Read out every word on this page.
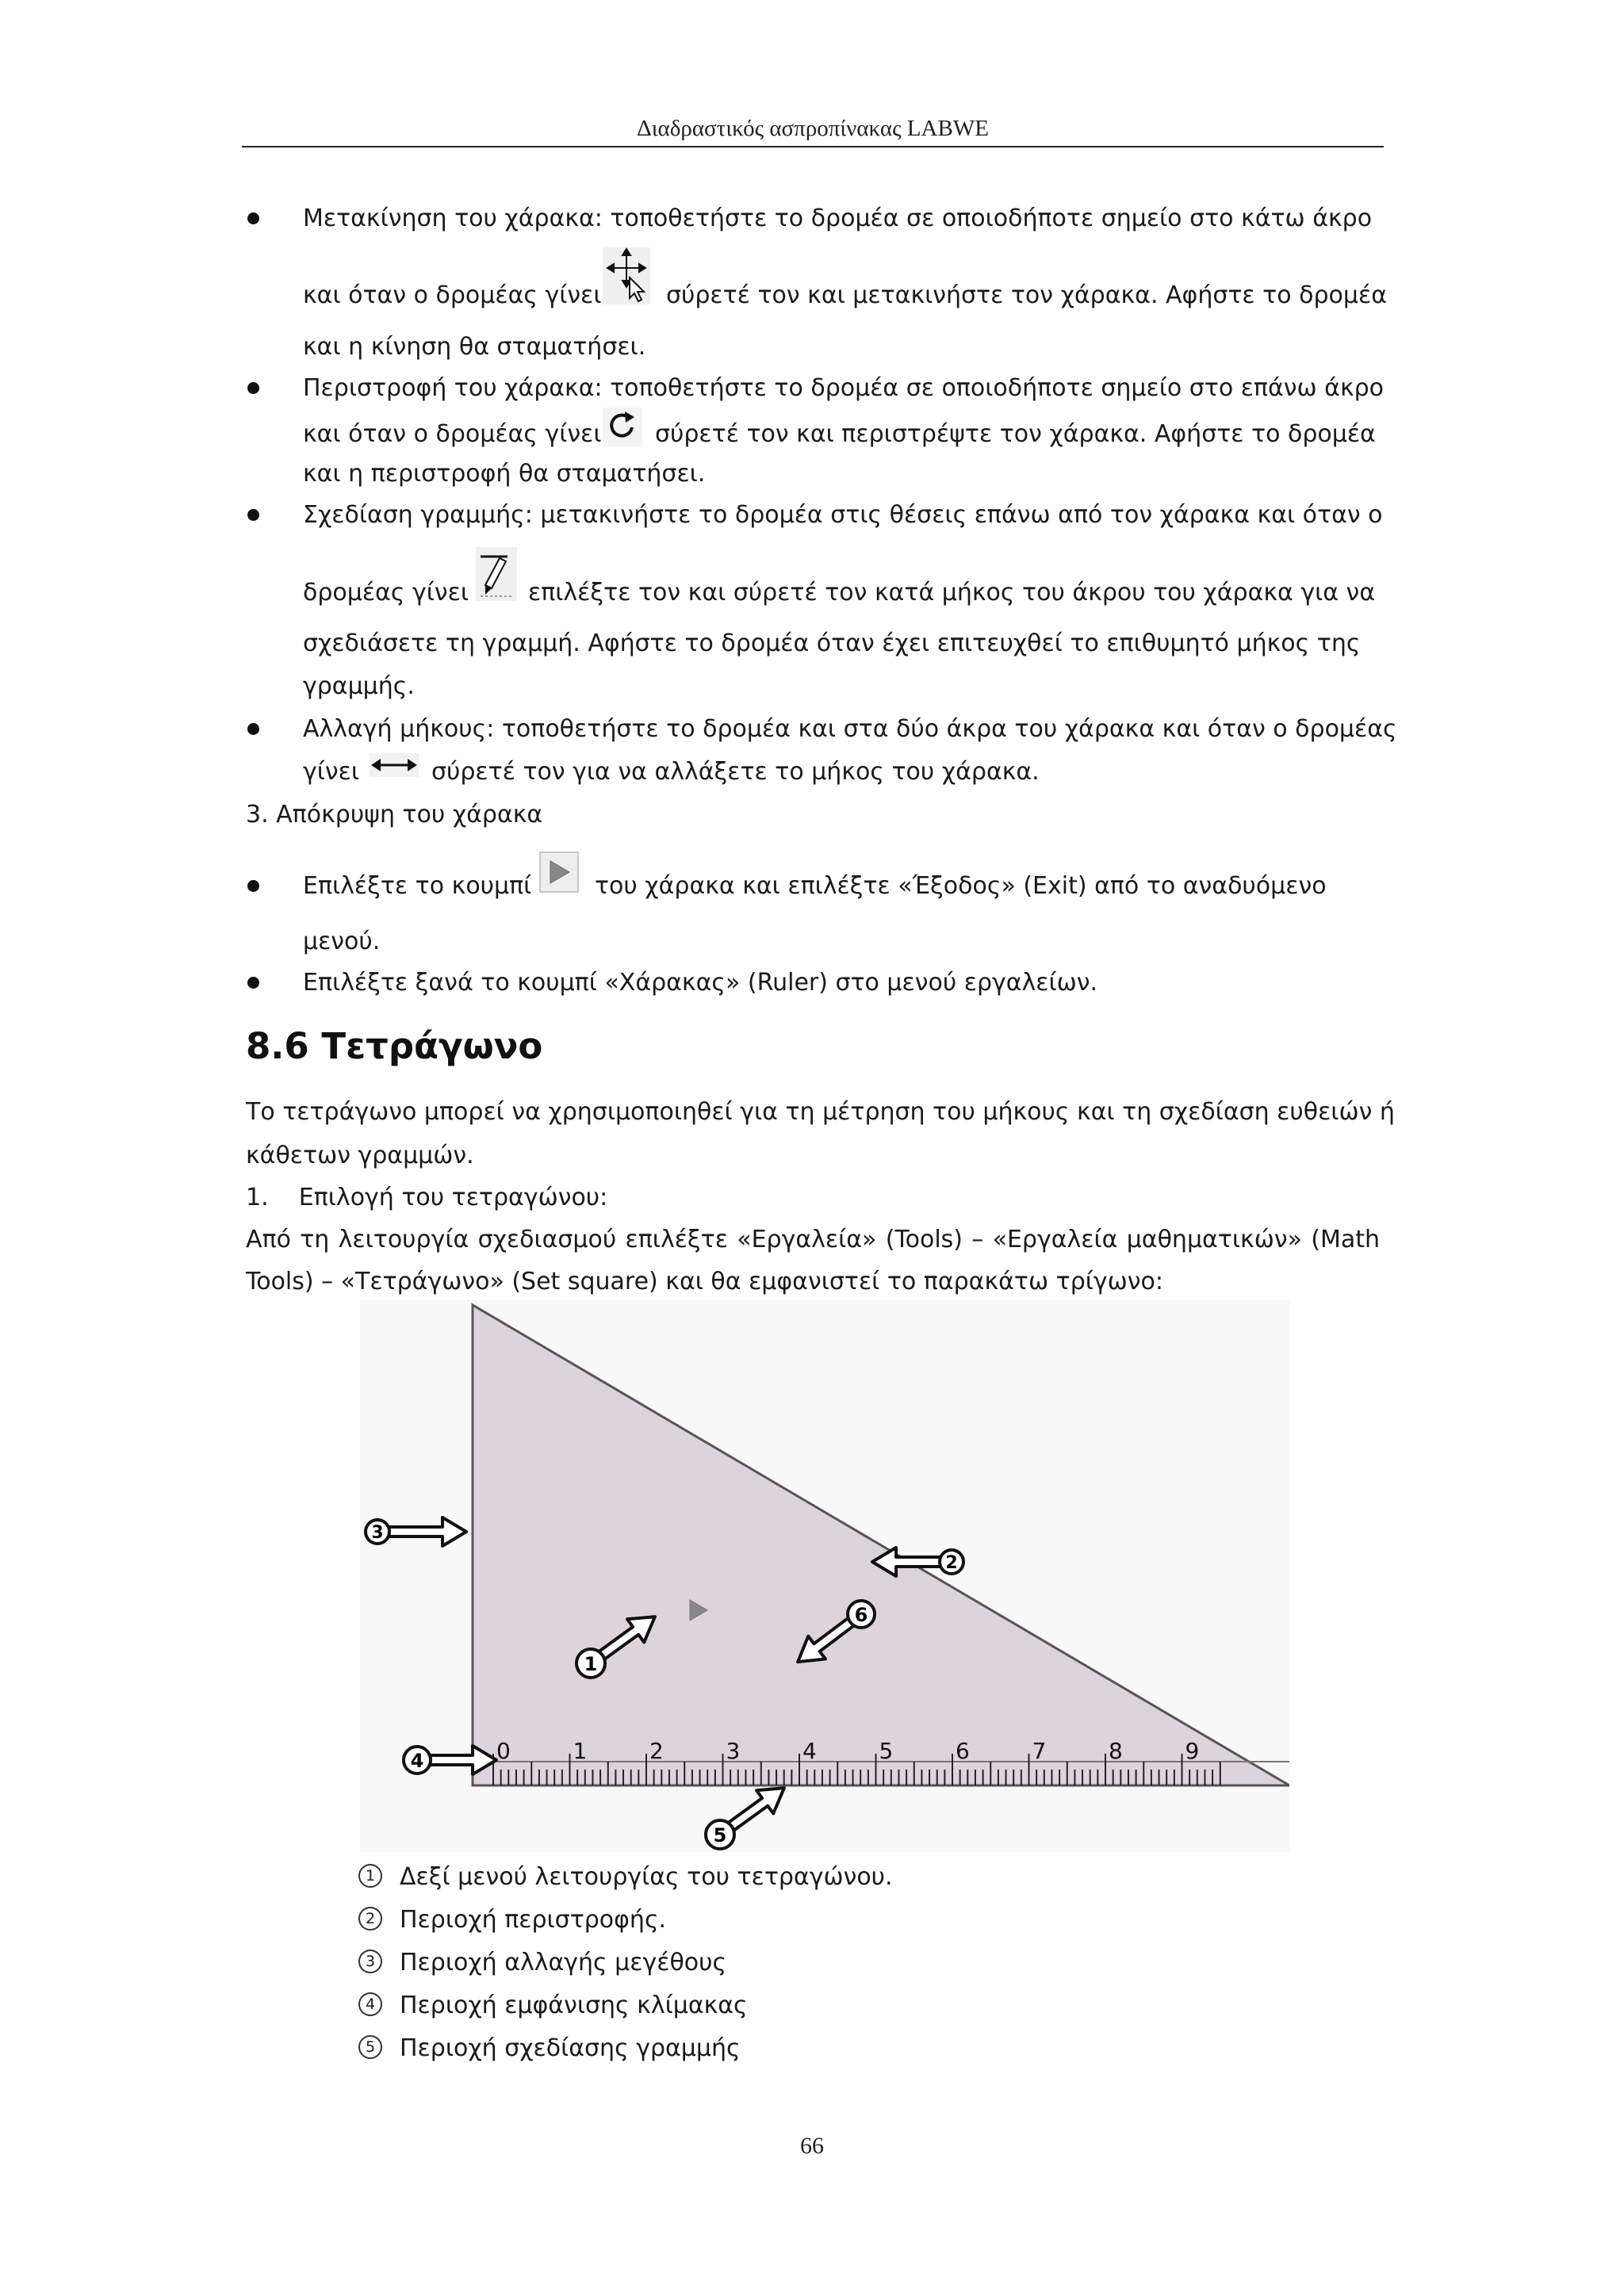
Διαδραστικός ασπροπίνακας LABWE
Μετακίνηση του χάρακα: τοποθετήστε το δρομέα σε οποιοδήποτε σημείο στο κάτω άκρο
και όταν ο δρομέας γίνει	σύρετέ τον και μετακινήστε τον χάρακα. Αφήστε το δρομέα
και η κίνηση θα σταματήσει.
Περιστροφή του χάρακα: τοποθετήστε το δρομέα σε οποιοδήποτε σημείο στο επάνω άκρο
και όταν ο δρομέας γίνει σύρετέ τον και περιστρέψτε τον χάρακα. Αφήστε το δρομέα
και η περιστροφή θα σταματήσει.
Σχεδίαση γραμμής: μετακινήστε το δρομέα στις θέσεις επάνω από τον χάρακα και όταν ο
δρομέας γίνει επιλέξτε τον και σύρετέ τον κατά μήκος του άκρου του χάρακα για να
σχεδιάσετε τη γραμμή. Αφήστε το δρομέα όταν έχει επιτευχθεί το επιθυμητό μήκος της
γραμμής.
Αλλαγή μήκους: τοποθετήστε το δρομέα και στα δύο άκρα του χάρακα και όταν ο δρομέας
γίνει	σύρετέ τον για να αλλάξετε το μήκος του χάρακα.
3. Απόκρυψη του χάρακα
Επιλέξτε το κουμπί	του χάρακα και επιλέξτε «Έξοδος» (Exit) από το αναδυόμενο
μενού.
Επιλέξτε ξανά το κουμπί «Χάρακας» (Ruler) στο μενού εργαλείων.
8.6 Τετράγωνο
Το τετράγωνο μπορεί να χρησιμοποιηθεί για τη μέτρηση του μήκους και τη σχεδίαση ευθειών ή
κάθετων γραμμών.
1.    Επιλογή του τετραγώνου:
Από τη λειτουργία σχεδιασμού επιλέξτε «Εργαλεία» (Tools) – «Εργαλεία μαθηματικών» (Math
Tools) – «Τετράγωνο» (Set square) και θα εμφανιστεί το παρακάτω τρίγωνο:
0	1	2	3	4	5	6	7	8	9
3
2
1
6
4
5
1 Δεξί μενού λειτουργίας του τετραγώνου.
2 Περιοχή περιστροφής.
3 Περιοχή αλλαγής μεγέθους
4 Περιοχή εμφάνισης κλίμακας
5 Περιοχή σχεδίασης γραμμής
66
